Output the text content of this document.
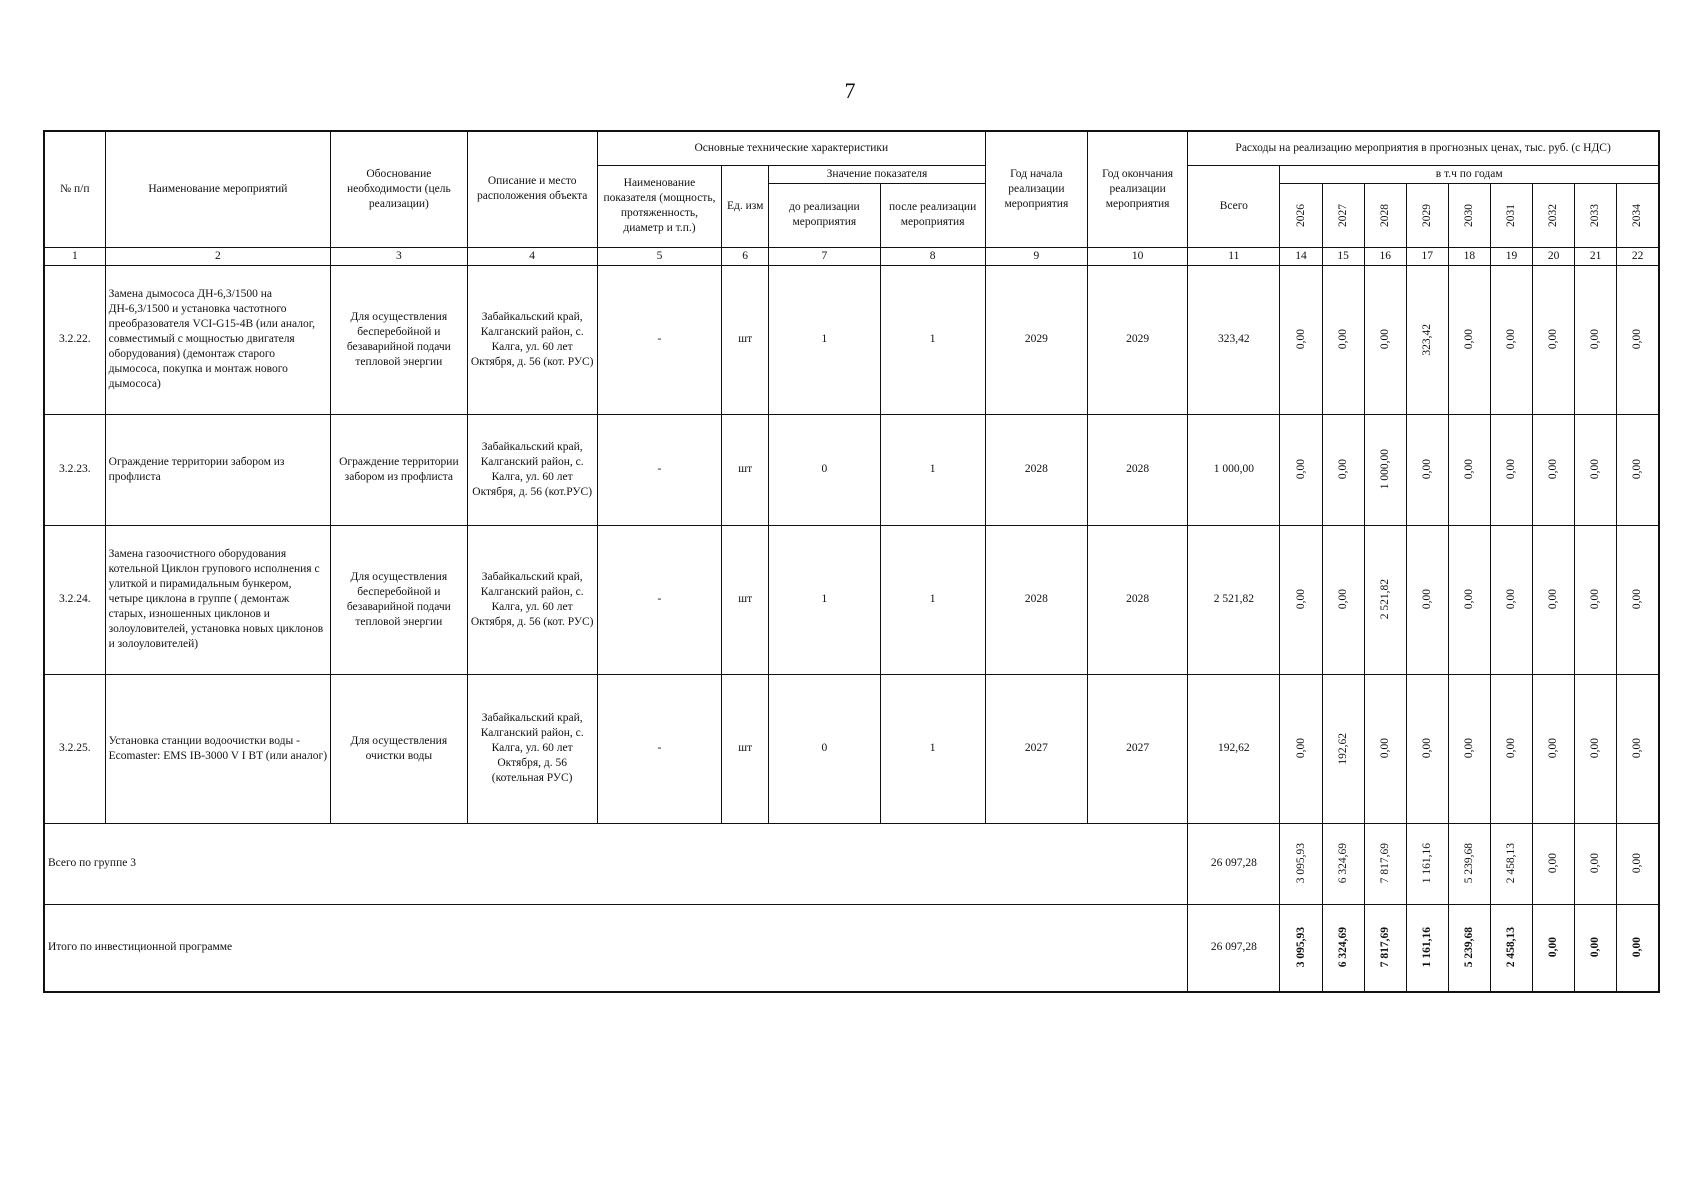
7
№ п/п	Наименование мероприятий	Обоснование необходимости (цель реализации)	Описание и место расположения объекта	Основные технические характеристики				Год начала реализации мероприятия	Год окончания реализации мероприятия	Расходы на реализацию мероприятия в прогнозных ценах, тыс. руб. (с НДС)									
				Наименование показателя (мощность, протяженность, диаметр и т.п.)	Ед. изм	Значение показателя				Всего	в т.ч по годам								
						до реализации мероприятия	после реализации мероприятия				2026	2027	2028	2029	2030	2031	2032	2033	2034

1	2	3	4	5	6	7	8	9	10	11	14	15	16	17	18	19	20	21	22
3.2.22.	Замена дымососа ДН-6,3/1500 на ДН-6,3/1500 и установка частотного преобразователя VCI-G15-4B (или аналог, совместимый с мощностью двигателя оборудования) (демонтаж старого дымососа, покупка и монтаж нового дымососа)	Для осуществления бесперебойной и безаварийной подачи тепловой энергии	Забайкальский край, Калганский район, с. Калга, ул. 60 лет Октября, д. 56 (кот. РУС)	-	шт	1	1	2029	2029	323,42	0,00	0,00	0,00	323,42	0,00	0,00	0,00	0,00	0,00

3.2.23.	Ограждение территории забором из профлиста	Ограждение территории забором из профлиста	Забайкальский край, Калганский район, с. Калга, ул. 60 лет Октября, д. 56 (кот.РУС)	-	шт	0	1	2028	2028	1 000,00	0,00	0,00	1 000,00	0,00	0,00	0,00	0,00	0,00	0,00

3.2.24.	Замена газоочистного оборудования котельной Циклон групового исполнения с улиткой и пирамидальным бункером, четыре циклона в группе ( демонтаж старых, изношенных циклонов и золоуловителей, установка новых циклонов и золоуловителей)	Для осуществления бесперебойной и безаварийной подачи тепловой энергии	Забайкальский край, Калганский район, с. Калга, ул. 60 лет Октября, д. 56 (кот. РУС)	-	шт	1	1	2028	2028	2 521,82	0,00	0,00	2 521,82	0,00	0,00	0,00	0,00	0,00	0,00

3.2.25.	Установка станции водоочистки воды - Ecomaster: EMS IB-3000 V I BT (или аналог)	Для осуществления очистки воды	Забайкальский край, Калганский район, с. Калга, ул. 60 лет Октября, д. 56 (котельная РУС)	-	шт	0	1	2027	2027	192,62	0,00	192,62	0,00	0,00	0,00	0,00	0,00	0,00	0,00

Всего по группе 3										26 097,28	3 095,93	6 324,69	7 817,69	1 161,16	5 239,68	2 458,13	0,00	0,00	0,00

Итого по инвестиционной программе										26 097,28	3 095,93	6 324,69	7 817,69	1 161,16	5 239,68	2 458,13	0,00	0,00	0,00
